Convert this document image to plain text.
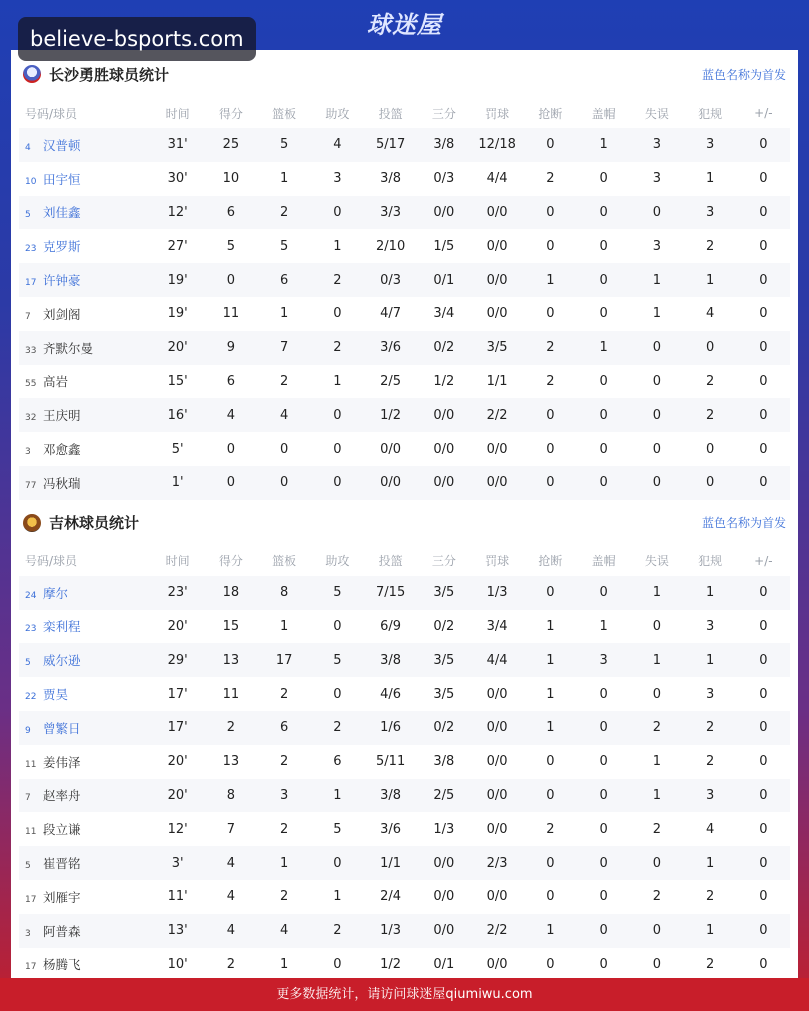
球迷屋
believe-bsports.com
长沙勇胜球员统计	蓝色名称为首发
号码/球员	时间	得分	篮板	助攻	投篮	三分	罚球	抢断	盖帽	失误	犯规	+/-
4 汉普顿	31'	25	5	4	5/17	3/8	12/18	0	1	3	3	0
10 田宇恒	30'	10	1	3	3/8	0/3	4/4	2	0	3	1	0
5 刘佳鑫	12'	6	2	0	3/3	0/0	0/0	0	0	0	3	0
23 克罗斯	27'	5	5	1	2/10	1/5	0/0	0	0	3	2	0
17 许钟豪	19'	0	6	2	0/3	0/1	0/0	1	0	1	1	0
7 刘剑阁	19'	11	1	0	4/7	3/4	0/0	0	0	1	4	0
33 齐默尔曼	20'	9	7	2	3/6	0/2	3/5	2	1	0	0	0
55 高岩	15'	6	2	1	2/5	1/2	1/1	2	0	0	2	0
32 王庆明	16'	4	4	0	1/2	0/0	2/2	0	0	0	2	0
3 邓愈鑫	5'	0	0	0	0/0	0/0	0/0	0	0	0	0	0
77 冯秋瑞	1'	0	0	0	0/0	0/0	0/0	0	0	0	0	0
吉林球员统计	蓝色名称为首发
号码/球员	时间	得分	篮板	助攻	投篮	三分	罚球	抢断	盖帽	失误	犯规	+/-
24 摩尔	23'	18	8	5	7/15	3/5	1/3	0	0	1	1	0
23 栾利程	20'	15	1	0	6/9	0/2	3/4	1	1	0	3	0
5 威尔逊	29'	13	17	5	3/8	3/5	4/4	1	3	1	1	0
22 贾昊	17'	11	2	0	4/6	3/5	0/0	1	0	0	3	0
9 曾繁日	17'	2	6	2	1/6	0/2	0/0	1	0	2	2	0
11 姜伟泽	20'	13	2	6	5/11	3/8	0/0	0	0	1	2	0
7 赵率舟	20'	8	3	1	3/8	2/5	0/0	0	0	1	3	0
11 段立谦	12'	7	2	5	3/6	1/3	0/0	2	0	2	4	0
5 崔晋铭	3'	4	1	0	1/1	0/0	2/3	0	0	0	1	0
17 刘雁宇	11'	4	2	1	2/4	0/0	0/0	0	0	2	2	0
3 阿普森	13'	4	4	2	1/3	0/0	2/2	1	0	0	1	0
17 杨腾飞	10'	2	1	0	1/2	0/1	0/0	0	0	0	2	0
更多数据统计，请访问球迷屋qiumiwu.com
